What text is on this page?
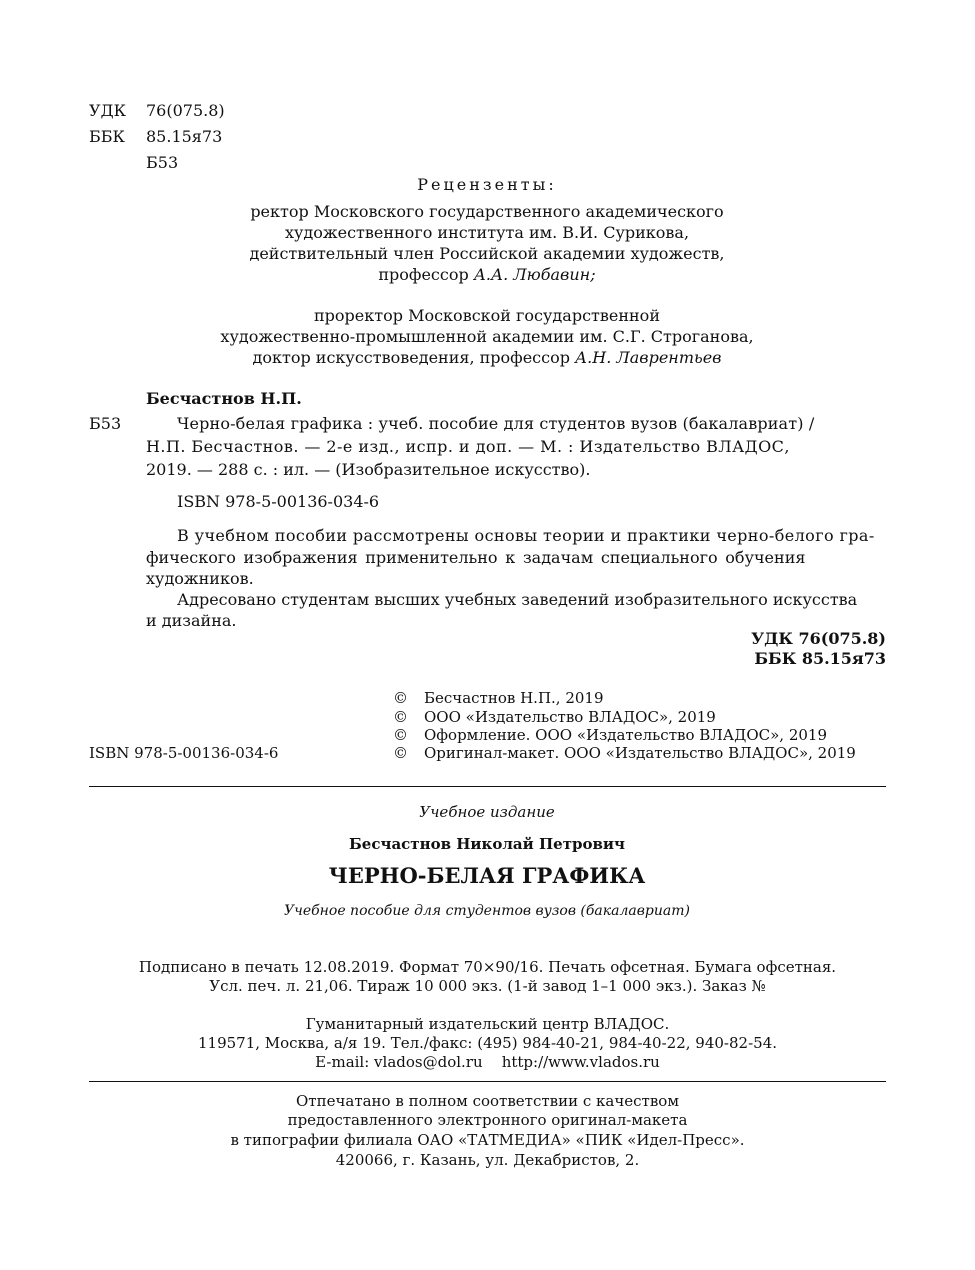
УДК 76(075.8)
ББК 85.15я73
Б53
Рецензенты:
ректор Московского государственного академического
художественного института им. В.И. Сурикова,
действительный член Российской академии художеств,
профессор А.А. Любавин;
проректор Московской государственной
художественно-промышленной академии им. С.Г. Строганова,
доктор искусствоведения, профессор А.Н. Лаврентьев
Бесчастнов Н.П.
Б53	Черно-белая графика : учеб. пособие для студентов вузов (бакалавриат) /
Н.П. Бесчастнов. — 2-е изд., испр. и доп. — М. : Издательство ВЛАДОС,
2019. — 288 с. : ил. — (Изобразительное искусство).
ISBN 978-5-00136-034-6
В учебном пособии рассмотрены основы теории и практики черно-белого гра-
фического изображения применительно к задачам специального обучения
художников.
Адресовано студентам высших учебных заведений изобразительного искусства
и дизайна.
УДК 76(075.8)
ББК 85.15я73
ISBN 978-5-00136-034-6
© Бесчастнов Н.П., 2019
© ООО «Издательство ВЛАДОС», 2019
© Оформление. ООО «Издательство ВЛАДОС», 2019
© Оригинал-макет. ООО «Издательство ВЛАДОС», 2019
Учебное издание
Бесчастнов Николай Петрович
ЧЕРНО-БЕЛАЯ ГРАФИКА
Учебное пособие для студентов вузов (бакалавриат)
Подписано в печать 12.08.2019. Формат 70×90/16. Печать офсетная. Бумага офсетная.
Усл. печ. л. 21,06. Тираж 10 000 экз. (1-й завод 1–1 000 экз.). Заказ №
Гуманитарный издательский центр ВЛАДОС.
119571, Москва, а/я 19. Тел./факс: (495) 984-40-21, 984-40-22, 940-82-54.
E-mail: vlados@dol.ru    http://www.vlados.ru
Отпечатано в полном соответствии с качеством
предоставленного электронного оригинал-макета
в типографии филиала ОАО «ТАТМЕДИА» «ПИК «Идел-Пресс».
420066, г. Казань, ул. Декабристов, 2.
